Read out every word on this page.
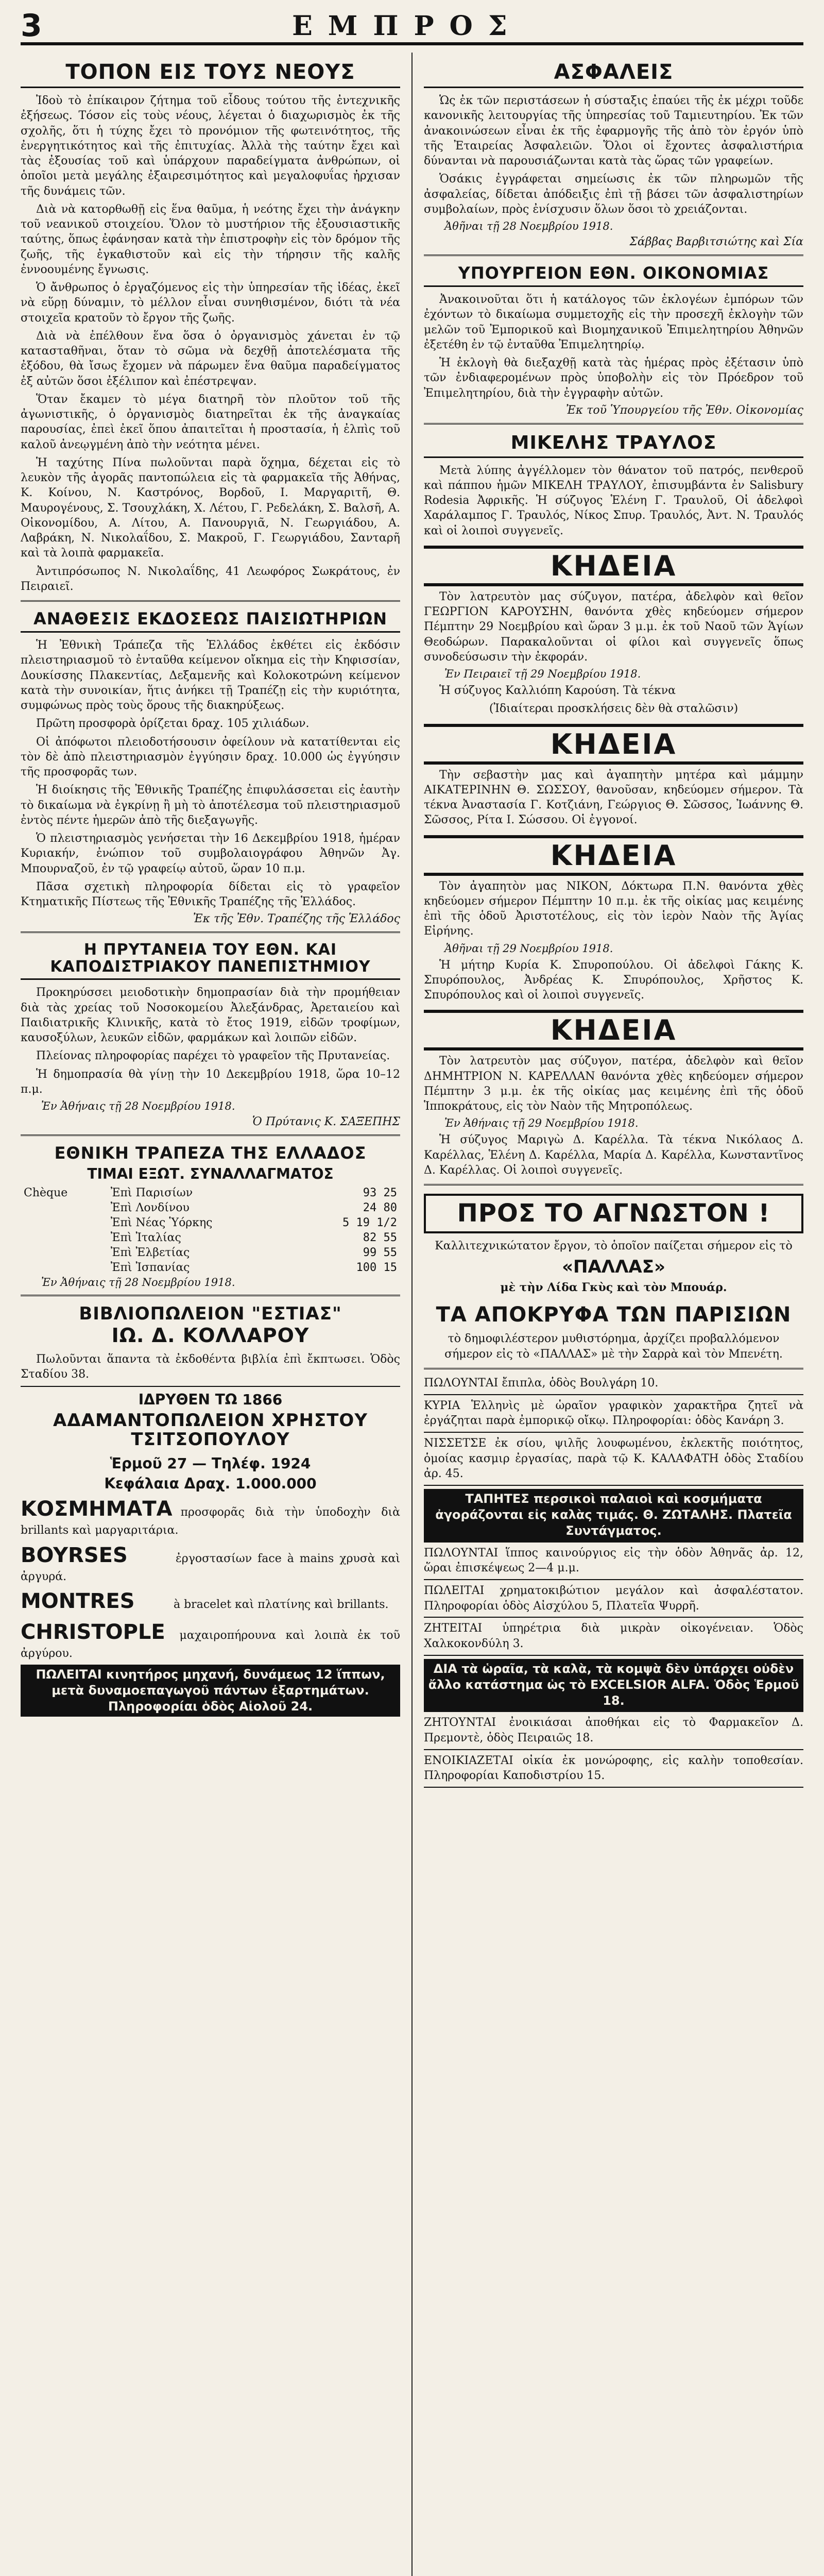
3	ΕΜΠΡΟΣ
ΤΟΠΟΝ ΕΙΣ ΤΟΥΣ ΝΕΟΥΣ

Ἰδοὺ τὸ ἐπίκαιρον ζήτημα τοῦ εἶδους τούτου τῆς ἐντεχνικῆς ἐξήσεως. Τόσον εἰς τοὺς νέους, λέγεται ὁ διαχωρισμὸς ἐκ τῆς σχολῆς, ὅτι ἡ τύχης ἔχει τὸ προνόμιον τῆς φωτεινότητος, τῆς ἐνεργητικότητος καὶ τῆς ἐπιτυχίας. Ἀλλὰ τὴς ταύτην ἔχει καὶ τὰς ἐξουσίας τοῦ καὶ ὑπάρχουν παραδείγματα ἀνθρώπων, οἱ ὁποῖοι μετὰ μεγάλης ἐξαιρεσιμότητος καὶ μεγαλοφυΐας ἠρχισαν τῆς δυνάμεις τῶν.

Διὰ νὰ κατορθωθῇ εἰς ἕνα θαῦμα, ἡ νεότης ἔχει τὴν ἀνάγκην τοῦ νεανικοῦ στοιχείου. Ὅλον τὸ μυστήριον τῆς ἐξουσιαστικῆς ταύτης, ὅπως ἐφάνησαν κατὰ τὴν ἐπιστροφὴν εἰς τὸν δρόμον τῆς ζωῆς, τῆς ἐγκαθιστοῦν καὶ εἰς τὴν τήρησιν τῆς καλῆς ἐννοουμένης ἔγνωσις.

Ὁ ἄνθρωπος ὁ ἐργαζόμενος εἰς τὴν ὑπηρεσίαν τῆς ἰδέας, ἐκεῖ νὰ εὕρῃ δύναμιν, τὸ μέλλον εἶναι συνηθισμένον, διότι τὰ νέα στοιχεῖα κρατοῦν τὸ ἔργον τῆς ζωῆς.

Διὰ νὰ ἐπέλθουν ἕνα ὅσα ὁ ὀργανισμὸς χάνεται ἐν τῷ κατασταθῆναι, ὅταν τὸ σῶμα νὰ δεχθῇ ἀποτελέσματα τῆς ἐξόδου, θὰ ἴσως ἔχομεν νὰ πάρωμεν ἕνα θαῦμα παραδείγματος ἐξ αὐτῶν ὅσοι ἐξέλιπον καὶ ἐπέστρεψαν.

Ὅταν ἔκαμεν τὸ μέγα διατηρῆ τὸν πλοῦτον τοῦ τῆς ἀγωνιστικῆς, ὁ ὀργανισμὸς διατηρεῖται ἐκ τῆς ἀναγκαίας παρουσίας, ἐπεὶ ἐκεῖ ὅπου ἀπαιτεῖται ἡ προστασία, ἡ ἐλπὶς τοῦ καλοῦ ἀνεῳγμένη ἀπὸ τὴν νεότητα μένει.

Ἡ ταχύτης Πίνα πωλοῦνται παρὰ ὅχημα, δέχεται εἰς τὸ λευκὸν τῆς ἀγορᾶς παντοπώλεια εἰς τὰ φαρμακεῖα τῆς Ἀθήνας, Κ. Κοίνου, Ν. Καστρόνος, Βορδοῦ, Ι. Μαργαριτῆ, Θ. Μαυρογένους, Σ. Τσουχλάκη, Χ. Λέτου, Γ. Ρεδελάκη, Σ. Βαλσῆ, Α. Οἰκονομίδου, Α. Λίτου, Α. Πανουργιᾶ, Ν. Γεωργιάδου, Α. Λαβράκη, Ν. Νικολαΐδου, Σ. Μακροῦ, Γ. Γεωργιάδου, Σανταρῆ καὶ τὰ λοιπὰ φαρμακεῖα.

Ἀντιπρόσωπος Ν. Νικολαΐδης, 41 Λεωφόρος Σωκράτους, ἐν Πειραιεῖ.

ΑΝΑΘΕΣΙΣ ΕΚΔΟΣΕΩΣ ΠΑΙΣΙΩΤΗΡΙΩΝ

Ἡ Ἐθνικὴ Τράπεζα τῆς Ἑλλάδος ἐκθέτει εἰς ἐκδόσιν πλειστηριασμοῦ τὸ ἐνταῦθα κείμενον οἴκημα εἰς τὴν Κηφισσίαν, Δουκίσσης Πλακεντίας, Δεξαμενῆς καὶ Κολοκοτρώνη κείμενον κατὰ τὴν συνοικίαν, ἥτις ἀνήκει τῇ Τραπέζῃ εἰς τὴν κυριότητα, συμφώνως πρὸς τοὺς ὅρους τῆς διακηρύξεως.

Πρῶτη προσφορὰ ὁρίζεται δραχ. 105 χιλιάδων.

Οἱ ἀπόφωτοι πλειοδοτήσουσιν ὀφείλουν νὰ κατατίθενται εἰς τὸν δὲ ἀπὸ πλειστηριασμὸν ἐγγύησιν δραχ. 10.000 ὡς ἐγγύησιν τῆς προσφορᾶς των.

Ἡ διοίκησις τῆς Ἐθνικῆς Τραπέζης ἐπιφυλάσσεται εἰς ἑαυτὴν τὸ δικαίωμα νὰ ἐγκρίνῃ ἢ μὴ τὸ ἀποτέλεσμα τοῦ πλειστηριασμοῦ ἐντὸς πέντε ἡμερῶν ἀπὸ τῆς διεξαγωγῆς.

Ὁ πλειστηριασμὸς γενήσεται τὴν 16 Δεκεμβρίου 1918, ἡμέραν Κυριακήν, ἐνώπιον τοῦ συμβολαιογράφου Ἀθηνῶν Ἀγ. Μπουρναζοῦ, ἐν τῷ γραφείῳ αὐτοῦ, ὥραν 10 π.μ.

Πᾶσα σχετικὴ πληροφορία δίδεται εἰς τὸ γραφεῖον Κτηματικῆς Πίστεως τῆς Ἐθνικῆς Τραπέζης τῆς Ἑλλάδος.

Ἐκ τῆς Ἐθν. Τραπέζης τῆς Ἑλλάδος
Η ΠΡΥΤΑΝΕΙΑ ΤΟΥ ΕΘΝ. ΚΑΙ ΚΑΠΟΔΙΣΤΡΙΑΚΟΥ ΠΑΝΕΠΙΣΤΗΜΙΟΥ

Προκηρύσσει μειοδοτικὴν δημοπρασίαν διὰ τὴν προμήθειαν διὰ τὰς χρείας τοῦ Νοσοκομείου Ἀλεξάνδρας, Ἀρεταιείου καὶ Παιδιατρικῆς Κλινικῆς, κατὰ τὸ ἔτος 1919, εἰδῶν τροφίμων, καυσοξύλων, λευκῶν εἰδῶν, φαρμάκων καὶ λοιπῶν εἰδῶν.

Πλείονας πληροφορίας παρέχει τὸ γραφεῖον τῆς Πρυτανείας.

Ἡ δημοπρασία θὰ γίνῃ τὴν 10 Δεκεμβρίου 1918, ὥρα 10–12 π.μ.

Ἐν Ἀθήναις τῇ 28 Νοεμβρίου 1918.
Ὁ Πρύτανις Κ. ΣΑΞΕΠΗΣ
ΕΘΝΙΚΗ ΤΡΑΠΕΖΑ ΤΗΣ ΕΛΛΑΔΟΣ
ΤΙΜΑΙ ΕΞΩΤ. ΣΥΝΑΛΛΑΓΜΑΤΟΣ
Chèque	Ἐπὶ Παρισίων	93 25
	Ἐπὶ Λονδίνου	24 80
	Ἐπὶ Νέας Ὑόρκης	5 19 1/2
	Ἐπὶ Ἰταλίας	82 55
	Ἐπὶ Ἐλβετίας	99 55
	Ἐπὶ Ἰσπανίας	100 15
Ἐν Ἀθήναις τῇ 28 Νοεμβρίου 1918.
ΒΙΒΛΙΟΠΩΛΕΙΟΝ "ΕΣΤΙΑΣ"
ΙΩ. Δ. ΚΟΛΛΑΡΟΥ

Πωλοῦνται ἅπαντα τὰ ἐκδοθέντα βιβλία ἐπὶ ἔκπτωσει. Ὁδὸς Σταδίου 38.

ΙΔΡΥΘΕΝ ΤΩ 1866
ΑΔΑΜΑΝΤΟΠΩΛΕΙΟΝ ΧΡΗΣΤΟΥ ΤΣΙΤΣΟΠΟΥΛΟΥ
Ἑρμοῦ 27 — Τηλέφ. 1924
Κεφάλαια Δραχ. 1.000.000
ΚΟΣΜΗΜΑΤΑ προσφορᾶς διὰ τὴν ὑποδοχὴν διὰ brillants καὶ μαργαριτάρια.
BOYRSES	ἐργοστασίων face à mains χρυσὰ καὶ ἀργυρά.
MONTRES	à bracelet καὶ πλατίνης καὶ brillants.
CHRISTOPLE μαχαιροπήρουνα καὶ λοιπὰ ἐκ τοῦ ἀργύρου.
ΠΩΛΕΙΤΑΙ κινητήρος μηχανή, δυνάμεως 12 ἵππων, μετὰ δυναμοεπαγωγοῦ πάντων ἐξαρτημάτων. Πληροφορίαι ὁδὸς Αἰολοῦ 24.
ΑΣΦΑΛΕΙΣ

Ὡς ἐκ τῶν περιστάσεων ἡ σύσταξις ἐπαύει τῆς ἐκ μέχρι τοῦδε κανονικῆς λειτουργίας τῆς ὑπηρεσίας τοῦ Ταμιευτηρίου. Ἐκ τῶν ἀνακοινώσεων εἶναι ἐκ τῆς ἐφαρμογῆς τῆς ἀπὸ τὸν ἐργόν ὑπὸ τῆς Ἐταιρείας Ἀσφαλειῶν. Ὅλοι οἱ ἔχοντες ἀσφαλιστήρια δύνανται νὰ παρουσιάζωνται κατὰ τὰς ὥρας τῶν γραφείων.

Ὁσάκις ἐγγράφεται σημείωσις ἐκ τῶν πληρωμῶν τῆς ἀσφαλείας, δίδεται ἀπόδειξις ἐπὶ τῇ βάσει τῶν ἀσφαλιστηρίων συμβολαίων, πρὸς ἐνίσχυσιν ὅλων ὅσοι τὸ χρειάζονται.

Ἀθῆναι τῇ 28 Νοεμβρίου 1918.
Σάββας Βαρβιτσιώτης καὶ Σία
ΥΠΟΥΡΓΕΙΟΝ ΕΘΝ. ΟΙΚΟΝΟΜΙΑΣ

Ἀνακοινοῦται ὅτι ἡ κατάλογος τῶν ἐκλογέων ἐμπόρων τῶν ἐχόντων τὸ δικαίωμα συμμετοχῆς εἰς τὴν προσεχῆ ἐκλογὴν τῶν μελῶν τοῦ Ἐμπορικοῦ καὶ Βιομηχανικοῦ Ἐπιμελητηρίου Ἀθηνῶν ἐξετέθη ἐν τῷ ἐνταῦθα Ἐπιμελητηρίῳ.

Ἡ ἐκλογὴ θὰ διεξαχθῇ κατὰ τὰς ἡμέρας πρὸς ἐξέτασιν ὑπὸ τῶν ἐνδιαφερομένων πρὸς ὑποβολὴν εἰς τὸν Πρόεδρον τοῦ Ἐπιμελητηρίου, διὰ τὴν ἐγγραφὴν αὐτῶν.

Ἐκ τοῦ Ὑπουργείου τῆς Ἐθν. Οἰκονομίας
ΜΙΚΕΛΗΣ ΤΡΑΥΛΟΣ

Μετὰ λύπης ἀγγέλλομεν τὸν θάνατον τοῦ πατρός, πενθεροῦ καὶ πάππου ἡμῶν ΜΙΚΕΛΗ ΤΡΑΥΛΟΥ, ἐπισυμβάντα ἐν Salisbury Rodesia Ἀφρικῆς. Ἡ σύζυγος Ἑλένη Γ. Τραυλοῦ, Οἱ ἀδελφοὶ Χαράλαμπος Γ. Τραυλός, Νίκος Σπυρ. Τραυλός, Ἀντ. Ν. Τραυλός καὶ οἱ λοιποὶ συγγενεῖς.

ΚΗΔΕΙΑ

Τὸν λατρευτὸν μας σύζυγον, πατέρα, ἀδελφὸν καὶ θεῖον ΓΕΩΡΓΙΟΝ ΚΑΡΟΥΣΗΝ, θανόντα χθὲς κηδεύομεν σήμερον Πέμπτην 29 Νοεμβρίου καὶ ὥραν 3 μ.μ. ἐκ τοῦ Ναοῦ τῶν Ἁγίων Θεοδώρων. Παρακαλοῦνται οἱ φίλοι καὶ συγγενεῖς ὅπως συνοδεύσωσιν τὴν ἐκφοράν.

Ἐν Πειραιεῖ τῇ 29 Νοεμβρίου 1918.

Ἡ σύζυγος Καλλιόπη Καρούση. Τὰ τέκνα

(Ἰδιαίτεραι προσκλήσεις δὲν θὰ σταλῶσιν)

ΚΗΔΕΙΑ

Τὴν σεβαστὴν μας καὶ ἀγαπητὴν μητέρα καὶ μάμμην ΑΙΚΑΤΕΡΙΝΗΝ Θ. ΣΩΣΣΟΥ, θανοῦσαν, κηδεύομεν σήμερον. Τὰ τέκνα Ἀναστασία Γ. Κοτζιάνη, Γεώργιος Θ. Σῶσσος, Ἰωάννης Θ. Σῶσσος, Ρίτα Ι. Σώσσου. Οἱ ἐγγονοί.

ΚΗΔΕΙΑ

Τὸν ἀγαπητὸν μας ΝΙΚΟΝ, Δόκτωρα Π.Ν. θανόντα χθὲς κηδεύομεν σήμερον Πέμπτην 10 π.μ. ἐκ τῆς οἰκίας μας κειμένης ἐπὶ τῆς ὁδοῦ Ἀριστοτέλους, εἰς τὸν ἱερὸν Ναὸν τῆς Ἁγίας Εἰρήνης.

Ἀθῆναι τῇ 29 Νοεμβρίου 1918.

Ἡ μήτηρ Κυρία Κ. Σπυροπούλου. Οἱ ἀδελφοὶ Γάκης Κ. Σπυρόπουλος, Ἀνδρέας Κ. Σπυρόπουλος, Χρῆστος Κ. Σπυρόπουλος καὶ οἱ λοιποὶ συγγενεῖς.

ΚΗΔΕΙΑ

Τὸν λατρευτὸν μας σύζυγον, πατέρα, ἀδελφὸν καὶ θεῖον ΔΗΜΗΤΡΙΟΝ Ν. ΚΑΡΕΛΛΑΝ θανόντα χθὲς κηδεύομεν σήμερον Πέμπτην 3 μ.μ. ἐκ τῆς οἰκίας μας κειμένης ἐπὶ τῆς ὁδοῦ Ἱπποκράτους, εἰς τὸν Ναὸν τῆς Μητροπόλεως.

Ἐν Ἀθήναις τῇ 29 Νοεμβρίου 1918.

Ἡ σύζυγος Μαριγὼ Δ. Καρέλλα. Τὰ τέκνα Νικόλαος Δ. Καρέλλας, Ἑλένη Δ. Καρέλλα, Μαρία Δ. Καρέλλα, Κωνσταντῖνος Δ. Καρέλλας. Οἱ λοιποὶ συγγενεῖς.

ΠΡΟΣ ΤΟ ΑΓΝΩΣΤΟΝ !

Καλλιτεχνικώτατον ἔργον, τὸ ὁποῖον παίζεται σήμερον εἰς τὸ

«ΠΑΛΛΑΣ»

μὲ τὴν Λίδα Γκὺς καὶ τὸν Μπουάρ.

ΤΑ ΑΠΟΚΡΥΦΑ ΤΩΝ ΠΑΡΙΣΙΩΝ

τὸ δημοφιλέστερον μυθιστόρημα, ἀρχίζει προβαλλόμενον σήμερον εἰς τὸ «ΠΑΛΛΑΣ» μὲ τὴν Σαρρὰ καὶ τὸν Μπενέτη.

ΠΩΛΟΥΝΤΑΙ ἔπιπλα, ὁδὸς Βουλγάρη 10.
ΚΥΡΙΑ Ἑλληνὶς μὲ ὡραῖον γραφικὸν χαρακτῆρα ζητεῖ νὰ ἐργάζηται παρὰ ἐμπορικῷ οἴκῳ. Πληροφορίαι: ὁδὸς Κανάρη 3.
ΝΙΣΣΕΤΣΕ ἐκ σίου, ψιλῆς λουφωμένου, ἐκλεκτῆς ποιότητος, ὁμοίας κασμιρ ἐργασίας, παρὰ τῷ Κ. ΚΑΛΑΦΑΤΗ ὁδὸς Σταδίου ἀρ. 45.
ΤΑΠΗΤΕΣ περσικοὶ παλαιοὶ καὶ κοσμήματα ἀγοράζονται εἰς καλὰς τιμάς. Θ. ΖΩΤΑΛΗΣ. Πλατεῖα Συντάγματος.
ΠΩΛΟΥΝΤΑΙ ἵππος καινούργιος εἰς τὴν ὁδὸν Ἀθηνᾶς ἀρ. 12, ὥραι ἐπισκέψεως 2—4 μ.μ.
ΠΩΛΕΙΤΑΙ χρηματοκιβώτιον μεγάλον καὶ ἀσφαλέστατον. Πληροφορίαι ὁδὸς Αἰσχύλου 5, Πλατεῖα Ψυρρῆ.
ΖΗΤΕΙΤΑΙ ὑπηρέτρια διὰ μικρὰν οἰκογένειαν. Ὁδὸς Χαλκοκονδύλη 3.
ΔΙΑ τὰ ὡραῖα, τὰ καλὰ, τὰ κομψὰ δὲν ὑπάρχει οὐδὲν ἄλλο κατάστημα ὡς τὸ EXCELSIOR ALFA. Ὁδὸς Ἑρμοῦ 18.
ΖΗΤΟΥΝΤΑΙ ἐνοικιάσαι ἀποθήκαι εἰς τὸ Φαρμακεῖον Δ. Πρεμοντὲ, ὁδὸς Πειραιῶς 18.
ΕΝΟΙΚΙΑΖΕΤΑΙ οἰκία ἐκ μονώροφης, εἰς καλὴν τοποθεσίαν. Πληροφορίαι Καποδιστρίου 15.
